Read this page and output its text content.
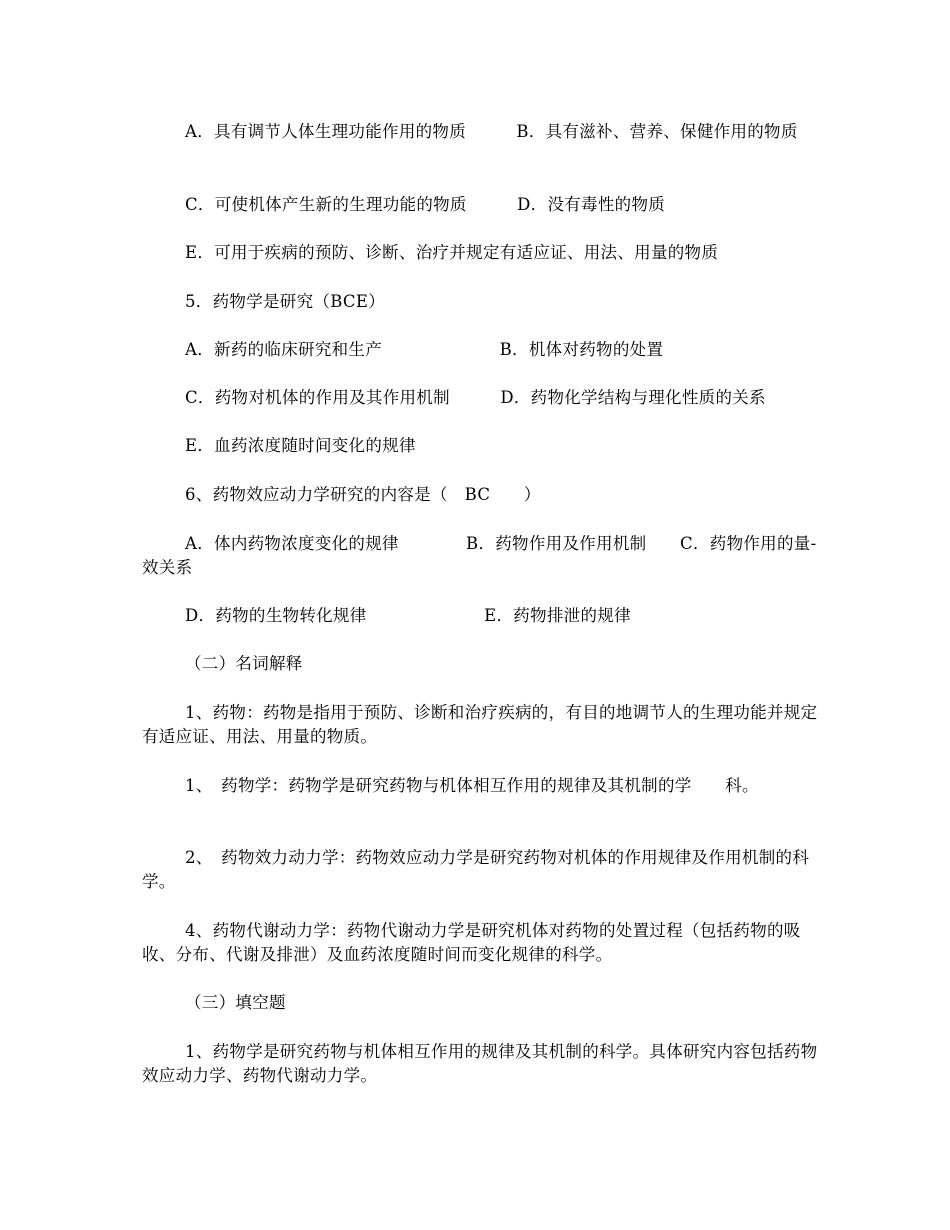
A．具有调节人体生理功能作用的物质　　　B．具有滋补、营养、保健作用的物质

C．可使机体产生新的生理功能的物质　　　D．没有毒性的物质

E．可用于疾病的预防、诊断、治疗并规定有适应证、用法、用量的物质

5．药物学是研究（BCE）

A．新药的临床研究和生产　　　　　　　B．机体对药物的处置

C．药物对机体的作用及其作用机制　　　D．药物化学结构与理化性质的关系

E．血药浓度随时间变化的规律

6、药物效应动力学研究的内容是（　BC　　）

A．体内药物浓度变化的规律　　　　B．药物作用及作用机制　　C．药物作用的量-效关系

D．药物的生物转化规律　　　　　　　E．药物排泄的规律

（二）名词解释

1、药物：药物是指用于预防、诊断和治疗疾病的，有目的地调节人的生理功能并规定有适应证、用法、用量的物质。

1、　药物学：药物学是研究药物与机体相互作用的规律及其机制的学　　科。

2、　药物效力动力学：药物效应动力学是研究药物对机体的作用规律及作用机制的科学。

4、药物代谢动力学：药物代谢动力学是研究机体对药物的处置过程（包括药物的吸收、分布、代谢及排泄）及血药浓度随时间而变化规律的科学。

（三）填空题

1、药物学是研究药物与机体相互作用的规律及其机制的科学。具体研究内容包括药物效应动力学、药物代谢动力学。
